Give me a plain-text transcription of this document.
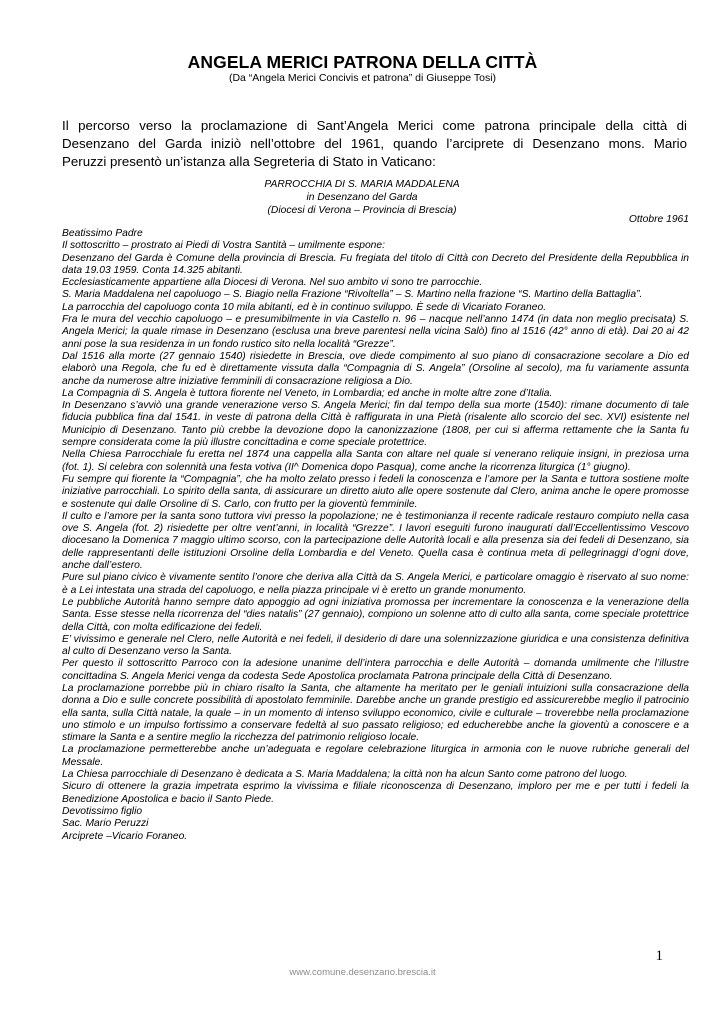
ANGELA MERICI PATRONA DELLA CITTÀ
(Da “Angela Merici Concivis et patrona” di Giuseppe Tosi)
Il percorso verso la proclamazione di Sant’Angela Merici come patrona principale della città di
Desenzano del Garda iniziò nell’ottobre del 1961, quando l’arciprete di Desenzano mons. Mario
Peruzzi presentò un’istanza alla Segreteria di Stato in Vaticano:
PARROCCHIA DI S. MARIA MADDALENA
in Desenzano del Garda
(Diocesi di Verona – Provincia di Brescia)
Ottobre 1961

Beatissimo Padre

Il sottoscritto – prostrato ai Piedi di Vostra Santità – umilmente espone:

Desenzano del Garda è Comune della provincia di Brescia. Fu fregiata del titolo di Città con Decreto del Presidente della Repubblica in data 19.03 1959. Conta 14.325 abitanti.

Ecclesiasticamente appartiene alla Diocesi di Verona. Nel suo ambito vi sono tre parrocchie.

S. Maria Maddalena nel capoluogo – S. Biagio nella Frazione “Rivoltella” – S. Martino nella frazione “S. Martino della Battaglia”.

La parrocchia del capoluogo conta 10 mila abitanti, ed è in continuo sviluppo. È sede di Vicariato Foraneo.

Fra le mura del vecchio capoluogo – e presumibilmente in via Castello n. 96 – nacque nell’anno 1474 (in data non meglio precisata) S. Angela Merici; la quale rimase in Desenzano (esclusa una breve parentesi nella vicina Salò) fino al 1516 (42° anno di età). Dai 20 ai 42 anni pose la sua residenza in un fondo rustico sito nella località “Grezze”.

Dal 1516 alla morte (27 gennaio 1540) risiedette in Brescia, ove diede compimento al suo piano di consacrazione secolare a Dio ed elaborò una Regola, che fu ed è direttamente vissuta dalla “Compagnia di S. Angela” (Orsoline al secolo), ma fu variamente assunta anche da numerose altre iniziative femminili di consacrazione religiosa a Dio.

La Compagnia di S. Angela è tuttora fiorente nel Veneto, in Lombardia; ed anche in molte altre zone d’Italia.

In Desenzano s’avviò una grande venerazione verso S. Angela Merici; fin dal tempo della sua morte (1540): rimane documento di tale fiducia pubblica fina dal 1541. in veste di patrona della Città è raffigurata in una Pietà (risalente allo scorcio del sec. XVI) esistente nel Municipio di Desenzano. Tanto più crebbe la devozione dopo la canonizzazione (1808, per cui si afferma rettamente che la Santa fu sempre considerata come la più illustre concittadina e come speciale protettrice.

Nella Chiesa Parrocchiale fu eretta nel 1874 una cappella alla Santa con altare nel quale si venerano reliquie insigni, in preziosa urna (fot. 1). Si celebra con solennità una festa votiva (II^ Domenica dopo Pasqua), come anche la ricorrenza liturgica (1° giugno).

Fu sempre qui fiorente la “Compagnia”, che ha molto zelato presso i fedeli la conoscenza e l’amore per la Santa e tuttora sostiene molte iniziative parrocchiali. Lo spirito della santa, di assicurare un diretto aiuto alle opere sostenute dal Clero, anima anche le opere promosse e sostenute qui dalle Orsoline di S. Carlo, con frutto per la gioventù femminile.

Il culto e l’amore per la santa sono tuttora vivi presso la popolazione; ne è testimonianza il recente radicale restauro compiuto nella casa ove S. Angela (fot. 2) risiedette per oltre vent’anni, in località “Grezze”. I lavori eseguiti furono inaugurati dall’Eccellentissimo Vescovo diocesano la Domenica 7 maggio ultimo scorso, con la partecipazione delle Autorità locali e alla presenza sia dei fedeli di Desenzano, sia delle rappresentanti delle istituzioni Orsoline della Lombardia e del Veneto. Quella casa è continua meta di pellegrinaggi d’ogni dove, anche dall’estero.

Pure sul piano civico è vivamente sentito l’onore che deriva alla Città da S. Angela Merici, e particolare omaggio è riservato al suo nome: è a Lei intestata una strada del capoluogo, e nella piazza principale vi è eretto un grande monumento.

Le pubbliche Autorità hanno sempre dato appoggio ad ogni iniziativa promossa per incrementare la conoscenza e la venerazione della Santa. Esse stesse nella ricorrenza del “dies natalis” (27 gennaio), compiono un solenne atto di culto alla santa, come speciale protettrice della Città, con molta edificazione dei fedeli.

E’ vivissimo e generale nel Clero, nelle Autorità e nei fedeli, il desiderio di dare una solennizzazione giuridica e una consistenza definitiva al culto di Desenzano verso la Santa.

Per questo il sottoscritto Parroco con la adesione unanime dell’intera parrocchia e delle Autorità – domanda umilmente che l’illustre concittadina S. Angela Merici venga da codesta Sede Apostolica proclamata Patrona principale della Città di Desenzano.

La proclamazione porrebbe più in chiaro risalto la Santa, che altamente ha meritato per le geniali intuizioni sulla consacrazione della donna a Dio e sulle concrete possibilità di apostolato femminile. Darebbe anche un grande prestigio ed assicurerebbe meglio il patrocinio ella santa, sulla Città natale, la quale – in un momento di intenso sviluppo economico, civile e culturale – troverebbe nella proclamazione uno stimolo e un impulso fortissimo a conservare fedeltà al suo passato religioso; ed educherebbe anche la gioventù a conoscere e a stimare la Santa e a sentire meglio la ricchezza del patrimonio religioso locale.

La proclamazione permetterebbe anche un’adeguata e regolare celebrazione liturgica in armonia con le nuove rubriche generali del Messale.

La Chiesa parrocchiale di Desenzano è dedicata a S. Maria Maddalena; la città non ha alcun Santo come patrono del luogo.

Sicuro di ottenere la grazia impetrata esprimo la vivissima e filiale riconoscenza di Desenzano, imploro per me e per tutti i fedeli la Benedizione Apostolica e bacio il Santo Piede.

Devotissimo figlio

Sac. Mario Peruzzi

Arciprete –Vicario Foraneo.

1
www.comune.desenzano.brescia.it
